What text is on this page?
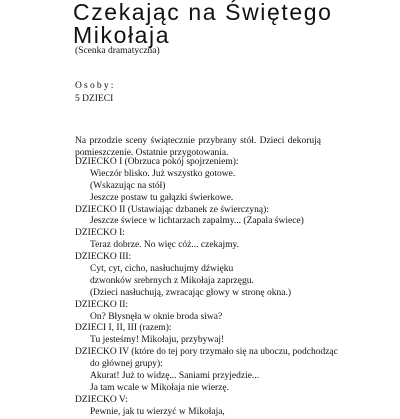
Czekając na Świętego
Mikołaja
(Scenka dramatyczna)
Osoby:
5 DZIECI

Na przodzie sceny świątecznie przybrany stół. Dzieci dekorują pomieszczenie. Ostatnie przygotowania.

DZIECKO I (Obrzuca pokój spojrzeniem):
Wieczór blisko. Już wszystko gotowe.
(Wskazując na stół)
Jeszcze postaw tu gałązki świerkowe.
DZIECKO II (Ustawiając dzbanek ze świerczyną):
Jeszcze świece w lichtarzach zapalmy... (Zapala świece)
DZIECKO I:
Teraz dobrze. No więc cóż... czekajmy.
DZIECKO III:
Cyt, cyt, cicho, nasłuchujmy dźwięku
dzwonków srebrnych z Mikołaja zaprzęgu.
(Dzieci nasłuchują, zwracając głowy w stronę okna.)
DZIECKO II:
On? Błysnęła w oknie broda siwa?
DZIECI I, II, III (razem):
Tu jesteśmy! Mikołaju, przybywaj!
DZIECKO IV (które do tej pory trzymało się na uboczu, podchodząc
do głównej grupy):
Akurat! Już to widzę... Saniami przyjedzie...
Ja tam wcale w Mikołaja nie wierzę.
DZIECKO V:
Pewnie, jak tu wierzyć w Mikołaja,
